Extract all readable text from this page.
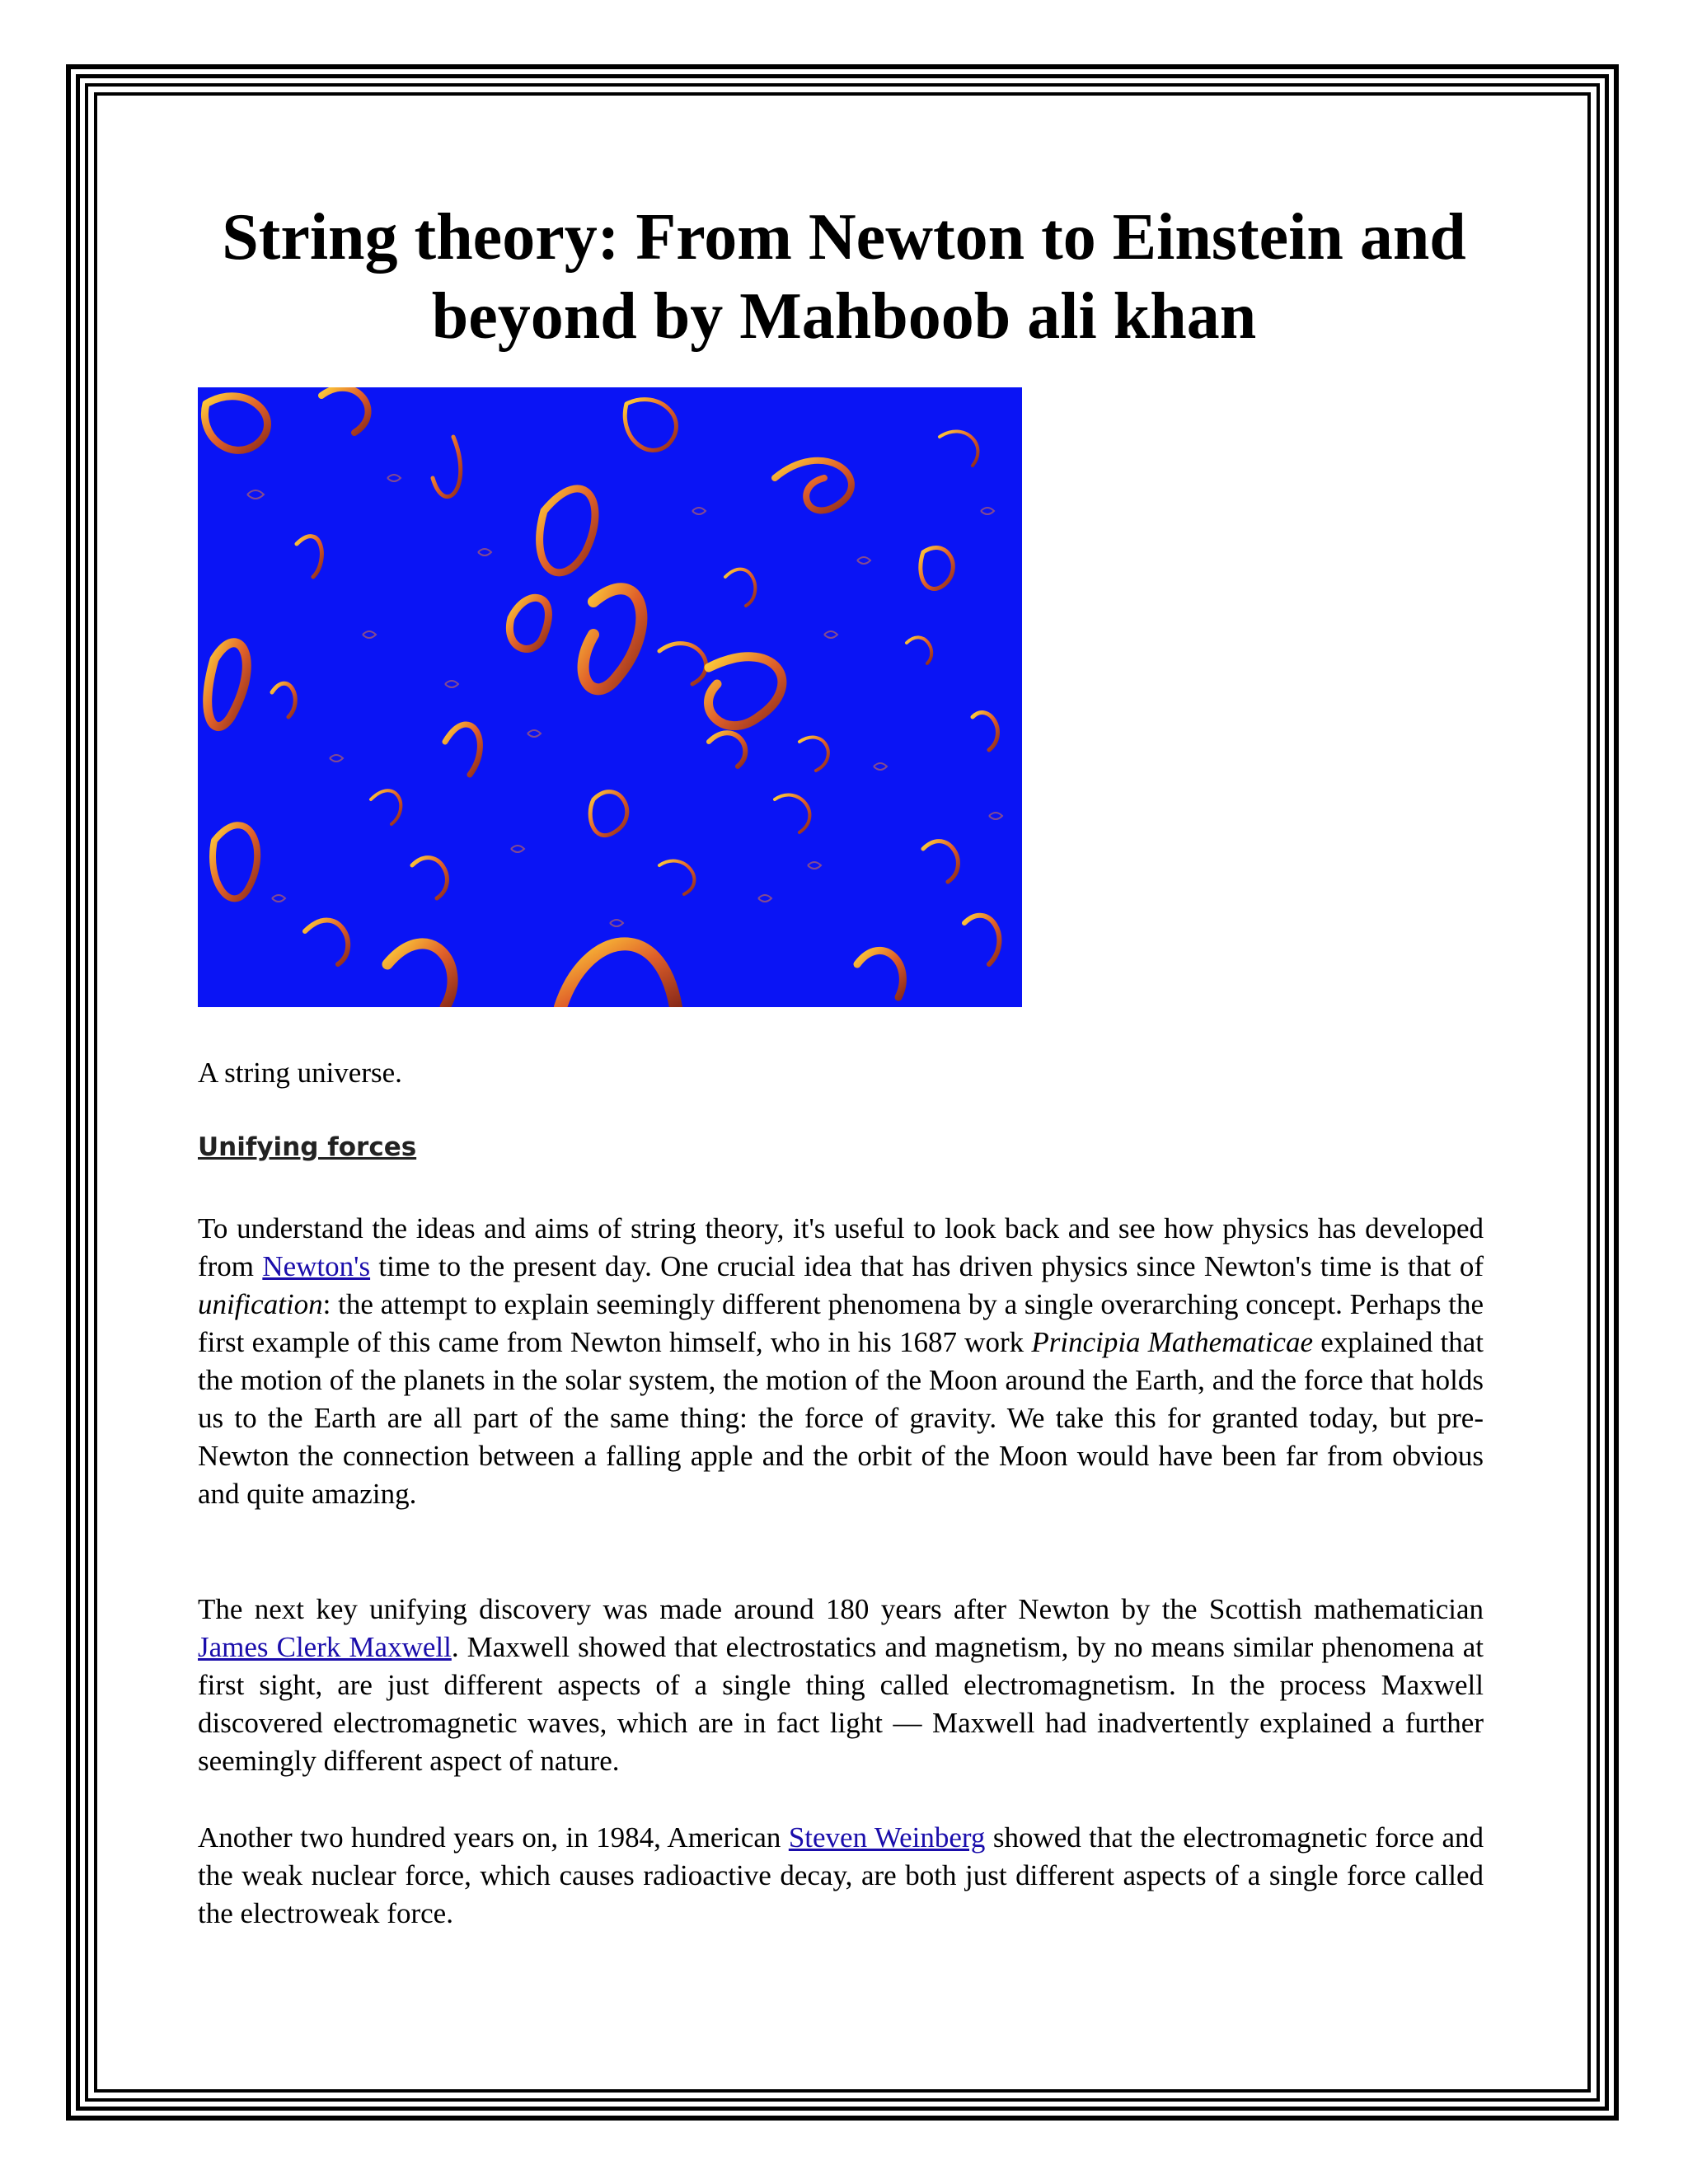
String theory: From Newton to Einstein and beyond by Mahboob ali khan

A string universe.

Unifying forces

To understand the ideas and aims of string theory, it's useful to look back and see how physics has developed from Newton's time to the present day. One crucial idea that has driven physics since Newton's time is that of unification: the attempt to explain seemingly different phenomena by a single overarching concept. Perhaps the first example of this came from Newton himself, who in his 1687 work Principia Mathematicae explained that the motion of the planets in the solar system, the motion of the Moon around the Earth, and the force that holds us to the Earth are all part of the same thing: the force of gravity. We take this for granted today, but pre-Newton the connection between a falling apple and the orbit of the Moon would have been far from obvious and quite amazing.

The next key unifying discovery was made around 180 years after Newton by the Scottish mathematician James Clerk Maxwell. Maxwell showed that electrostatics and magnetism, by no means similar phenomena at first sight, are just different aspects of a single thing called electromagnetism. In the process Maxwell discovered electromagnetic waves, which are in fact light — Maxwell had inadvertently explained a further seemingly different aspect of nature.

Another two hundred years on, in 1984, American Steven Weinberg showed that the electromagnetic force and the weak nuclear force, which causes radioactive decay, are both just different aspects of a single force called the electroweak force.
